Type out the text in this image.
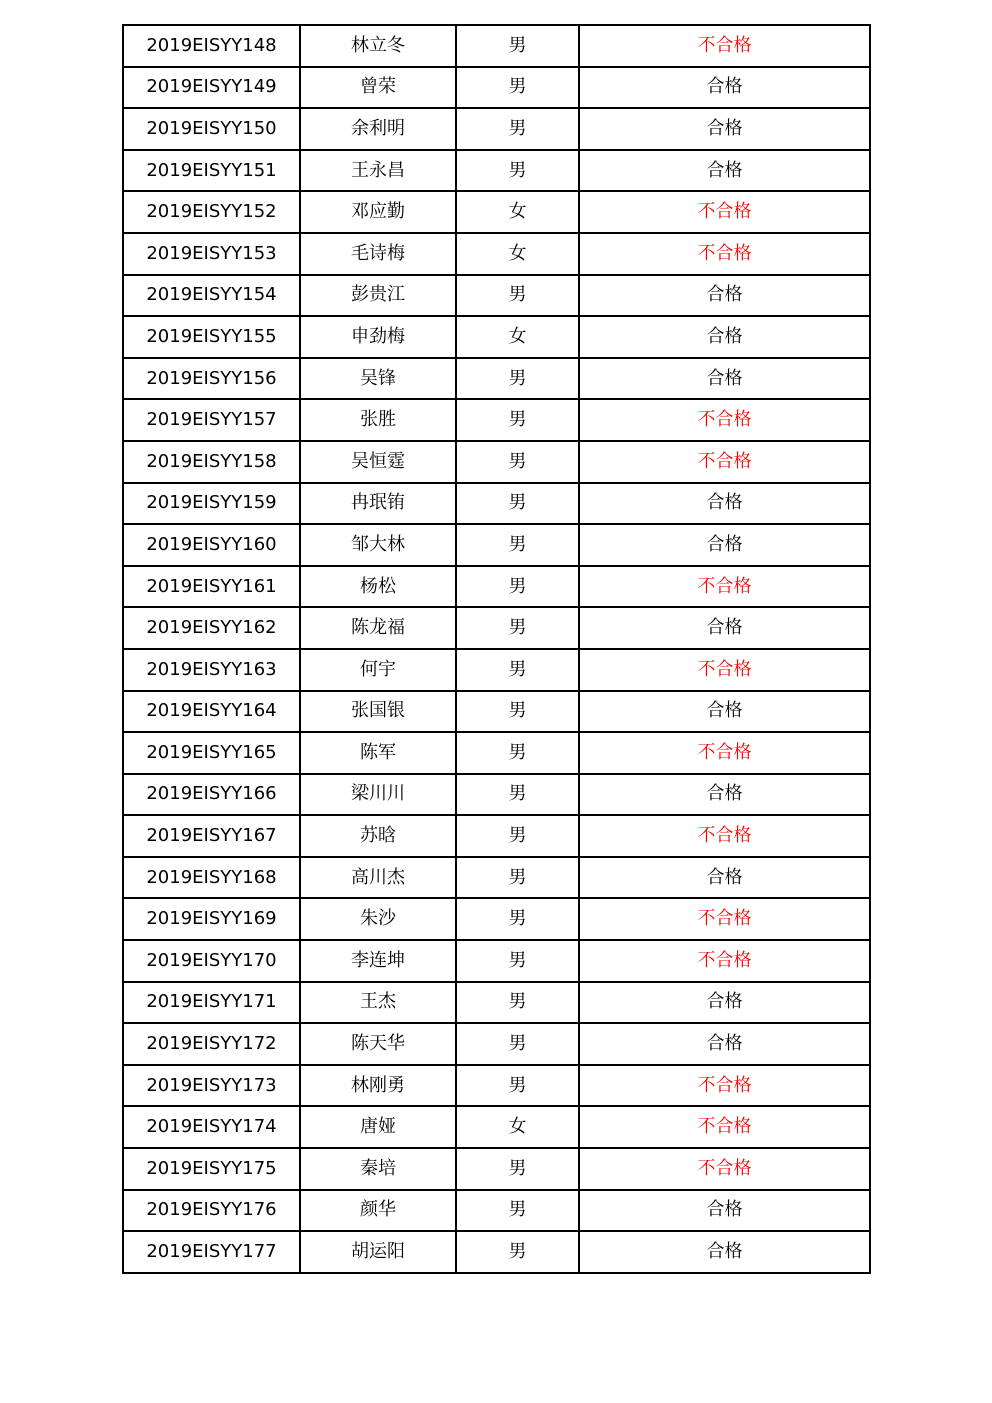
2019EISYY148	林立冬	男	不合格
2019EISYY149	曾荣	男	合格
2019EISYY150	余利明	男	合格
2019EISYY151	王永昌	男	合格
2019EISYY152	邓应勤	女	不合格
2019EISYY153	毛诗梅	女	不合格
2019EISYY154	彭贵江	男	合格
2019EISYY155	申劲梅	女	合格
2019EISYY156	吴锋	男	合格
2019EISYY157	张胜	男	不合格
2019EISYY158	吴恒霆	男	不合格
2019EISYY159	冉珉铕	男	合格
2019EISYY160	邹大林	男	合格
2019EISYY161	杨松	男	不合格
2019EISYY162	陈龙福	男	合格
2019EISYY163	何宇	男	不合格
2019EISYY164	张国银	男	合格
2019EISYY165	陈军	男	不合格
2019EISYY166	梁川川	男	合格
2019EISYY167	苏晗	男	不合格
2019EISYY168	高川杰	男	合格
2019EISYY169	朱沙	男	不合格
2019EISYY170	李连坤	男	不合格
2019EISYY171	王杰	男	合格
2019EISYY172	陈天华	男	合格
2019EISYY173	林刚勇	男	不合格
2019EISYY174	唐娅	女	不合格
2019EISYY175	秦培	男	不合格
2019EISYY176	颜华	男	合格
2019EISYY177	胡运阳	男	合格
